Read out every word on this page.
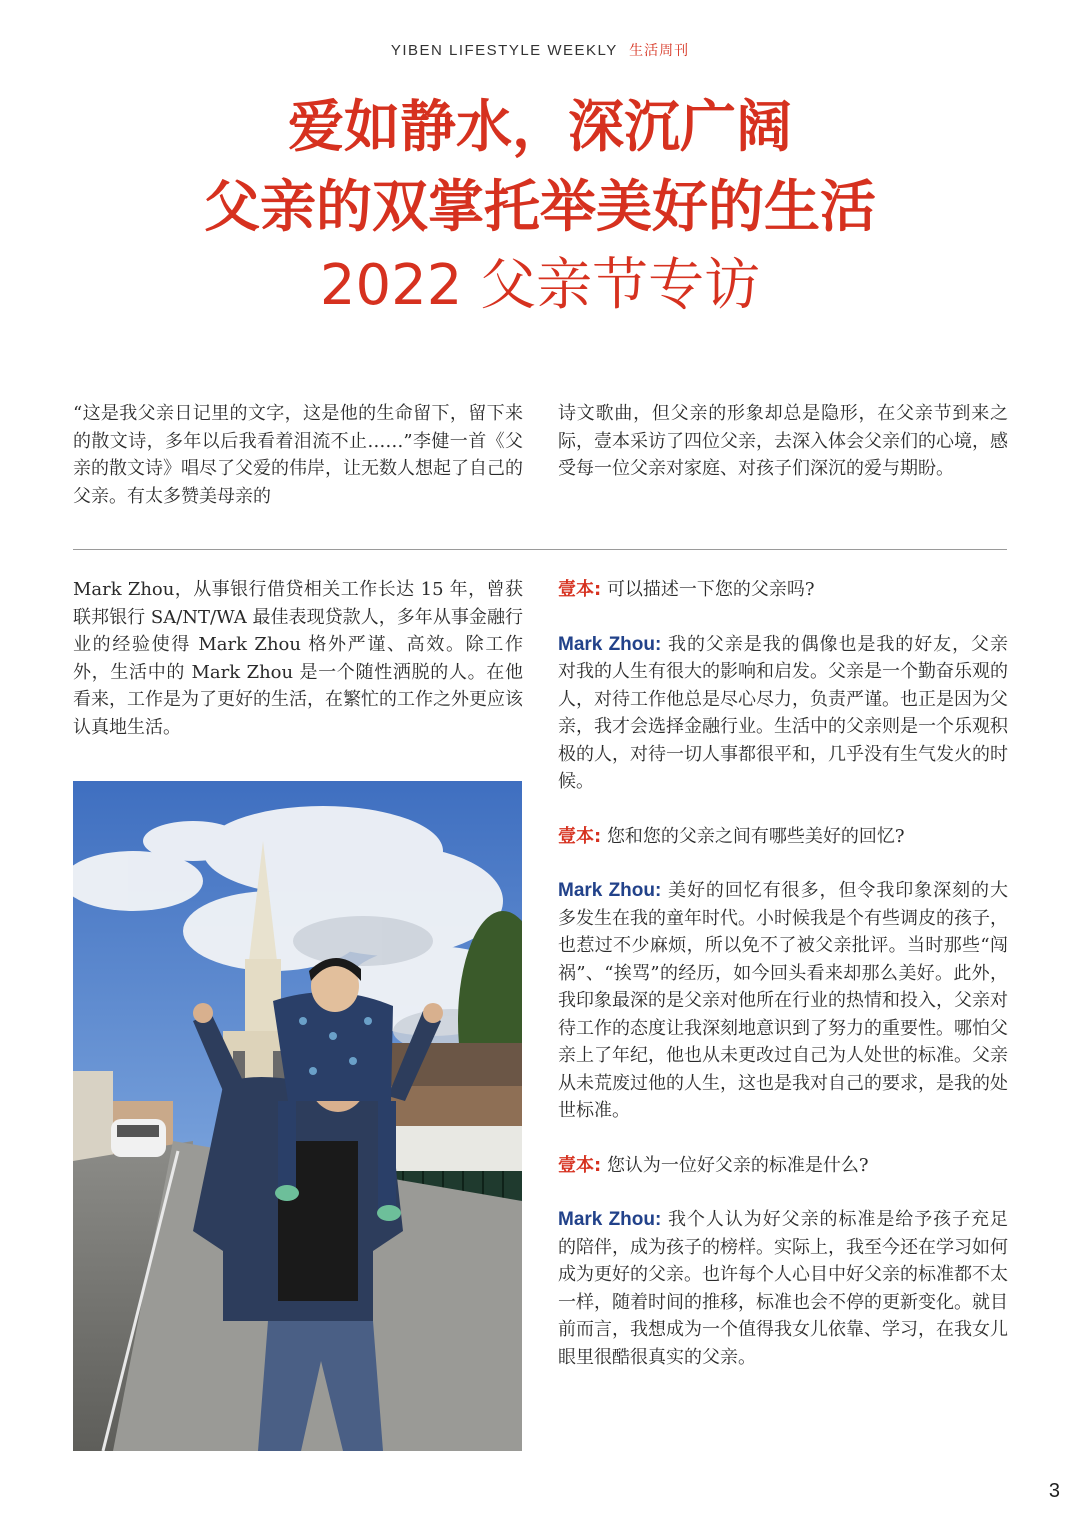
YIBEN LIFESTYLE WEEKLY 生活周刊
爱如静水，深沉广阔
父亲的双掌托举美好的生活
2022 父亲节专访

“这是我父亲日记里的文字，这是他的生命留下，留下来的散文诗，多年以后我看着泪流不止……”李健一首《父亲的散文诗》唱尽了父爱的伟岸，让无数人想起了自己的父亲。有太多赞美母亲的

诗文歌曲，但父亲的形象却总是隐形，在父亲节到来之际，壹本采访了四位父亲，去深入体会父亲们的心境，感受每一位父亲对家庭、对孩子们深沉的爱与期盼。

Mark Zhou，从事银行借贷相关工作长达 15 年，曾获联邦银行 SA/NT/WA 最佳表现贷款人，多年从事金融行业的经验使得 Mark Zhou 格外严谨、高效。除工作外，生活中的 Mark Zhou 是一个随性洒脱的人。在他看来，工作是为了更好的生活，在繁忙的工作之外更应该认真地生活。

壹本: 可以描述一下您的父亲吗?

Mark Zhou: 我的父亲是我的偶像也是我的好友，父亲对我的人生有很大的影响和启发。父亲是一个勤奋乐观的人，对待工作他总是尽心尽力，负责严谨。也正是因为父亲，我才会选择金融行业。生活中的父亲则是一个乐观积极的人，对待一切人事都很平和，几乎没有生气发火的时候。

壹本: 您和您的父亲之间有哪些美好的回忆?

Mark Zhou: 美好的回忆有很多，但令我印象深刻的大多发生在我的童年时代。小时候我是个有些调皮的孩子，也惹过不少麻烦，所以免不了被父亲批评。当时那些“闯祸”、“挨骂”的经历，如今回头看来却那么美好。此外，我印象最深的是父亲对他所在行业的热情和投入，父亲对待工作的态度让我深刻地意识到了努力的重要性。哪怕父亲上了年纪，他也从未更改过自己为人处世的标准。父亲从未荒废过他的人生，这也是我对自己的要求，是我的处世标准。

壹本: 您认为一位好父亲的标准是什么?

Mark Zhou: 我个人认为好父亲的标准是给予孩子充足的陪伴，成为孩子的榜样。实际上，我至今还在学习如何成为更好的父亲。也许每个人心目中好父亲的标准都不太一样，随着时间的推移，标准也会不停的更新变化。就目前而言，我想成为一个值得我女儿依靠、学习，在我女儿眼里很酷很真实的父亲。

3
